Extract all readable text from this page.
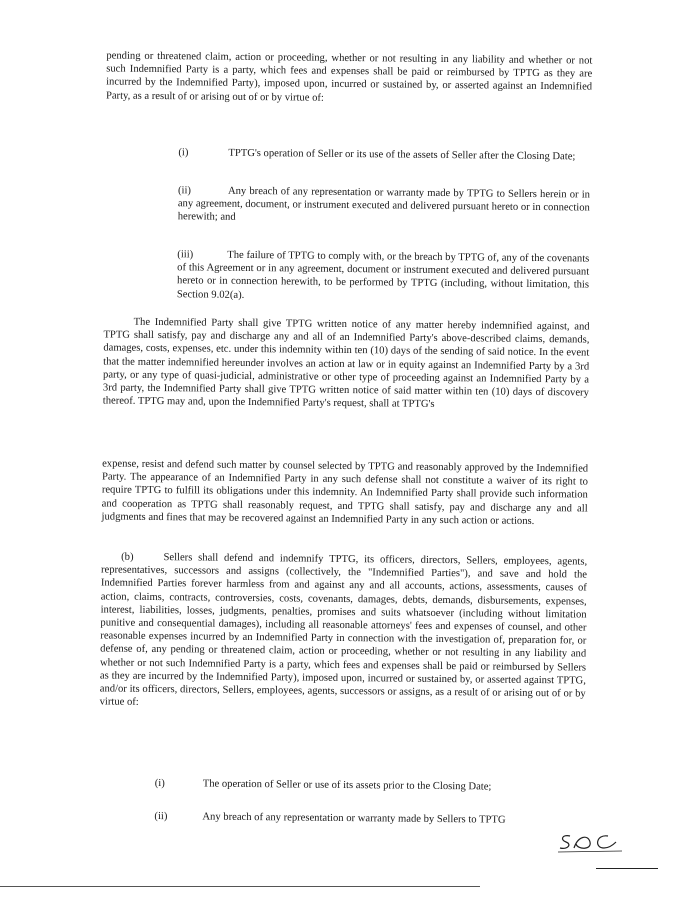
pending or threatened claim, action or proceeding, whether or not resulting in any liability and whether or not such Indemnified Party is a party, which fees and expenses shall be paid or reimbursed by TPTG as they are incurred by the Indemnified Party), imposed upon, incurred or sustained by, or asserted against an Indemnified Party, as a result of or arising out of or by virtue of:

(i)	TPTG's operation of Seller or its use of the assets of Seller after the Closing Date;

(ii)	Any breach of any representation or warranty made by TPTG to Sellers herein or in any agreement, document, or instrument executed and delivered pursuant hereto or in connection herewith; and

(iii)	The failure of TPTG to comply with, or the breach by TPTG of, any of the covenants of this Agreement or in any agreement, document or instrument executed and delivered pursuant hereto or in connection herewith, to be performed by TPTG (including, without limitation, this Section 9.02(a).

The Indemnified Party shall give TPTG written notice of any matter hereby indemnified against, and TPTG shall satisfy, pay and discharge any and all of an Indemnified Party's above-described claims, demands, damages, costs, expenses, etc. under this indemnity within ten (10) days of the sending of said notice. In the event that the matter indemnified hereunder involves an action at law or in equity against an Indemnified Party by a 3rd party, or any type of quasi-judicial, administrative or other type of proceeding against an Indemnified Party by a 3rd party, the Indemnified Party shall give TPTG written notice of said matter within ten (10) days of discovery thereof. TPTG may and, upon the Indemnified Party's request, shall at TPTG's

expense, resist and defend such matter by counsel selected by TPTG and reasonably approved by the Indemnified Party. The appearance of an Indemnified Party in any such defense shall not constitute a waiver of its right to require TPTG to fulfill its obligations under this indemnity. An Indemnified Party shall provide such information and cooperation as TPTG shall reasonably request, and TPTG shall satisfy, pay and discharge any and all judgments and fines that may be recovered against an Indemnified Party in any such action or actions.

(b)	Sellers shall defend and indemnify TPTG, its officers, directors, Sellers, employees, agents, representatives, successors and assigns (collectively, the "Indemnified Parties"), and save and hold the Indemnified Parties forever harmless from and against any and all accounts, actions, assessments, causes of action, claims, contracts, controversies, costs, covenants, damages, debts, demands, disbursements, expenses, interest, liabilities, losses, judgments, penalties, promises and suits whatsoever (including without limitation punitive and consequential damages), including all reasonable attorneys' fees and expenses of counsel, and other reasonable expenses incurred by an Indemnified Party in connection with the investigation of, preparation for, or defense of, any pending or threatened claim, action or proceeding, whether or not resulting in any liability and whether or not such Indemnified Party is a party, which fees and expenses shall be paid or reimbursed by Sellers as they are incurred by the Indemnified Party), imposed upon, incurred or sustained by, or asserted against TPTG, and/or its officers, directors, Sellers, employees, agents, successors or assigns, as a result of or arising out of or by virtue of:

(i)	The operation of Seller or use of its assets prior to the Closing Date;

(ii)	Any breach of any representation or warranty made by Sellers to TPTG
